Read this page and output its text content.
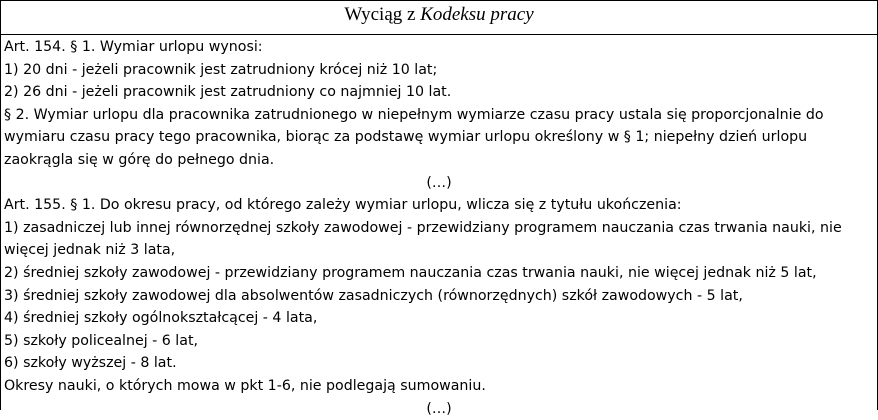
Wyciąg z Kodeksu pracy
Art. 154. § 1. Wymiar urlopu wynosi:
1) 20 dni - jeżeli pracownik jest zatrudniony krócej niż 10 lat;
2) 26 dni - jeżeli pracownik jest zatrudniony co najmniej 10 lat.
§ 2. Wymiar urlopu dla pracownika zatrudnionego w niepełnym wymiarze czasu pracy ustala się proporcjonalnie do
wymiaru czasu pracy tego pracownika, biorąc za podstawę wymiar urlopu określony w § 1; niepełny dzień urlopu
zaokrągla się w górę do pełnego dnia.
(…)
Art. 155. § 1. Do okresu pracy, od którego zależy wymiar urlopu, wlicza się z tytułu ukończenia:
1) zasadniczej lub innej równorzędnej szkoły zawodowej - przewidziany programem nauczania czas trwania nauki, nie
więcej jednak niż 3 lata,
2) średniej szkoły zawodowej - przewidziany programem nauczania czas trwania nauki, nie więcej jednak niż 5 lat,
3) średniej szkoły zawodowej dla absolwentów zasadniczych (równorzędnych) szkół zawodowych - 5 lat,
4) średniej szkoły ogólnokształcącej - 4 lata,
5) szkoły policealnej - 6 lat,
6) szkoły wyższej - 8 lat.
Okresy nauki, o których mowa w pkt 1-6, nie podlegają sumowaniu.
(…)
